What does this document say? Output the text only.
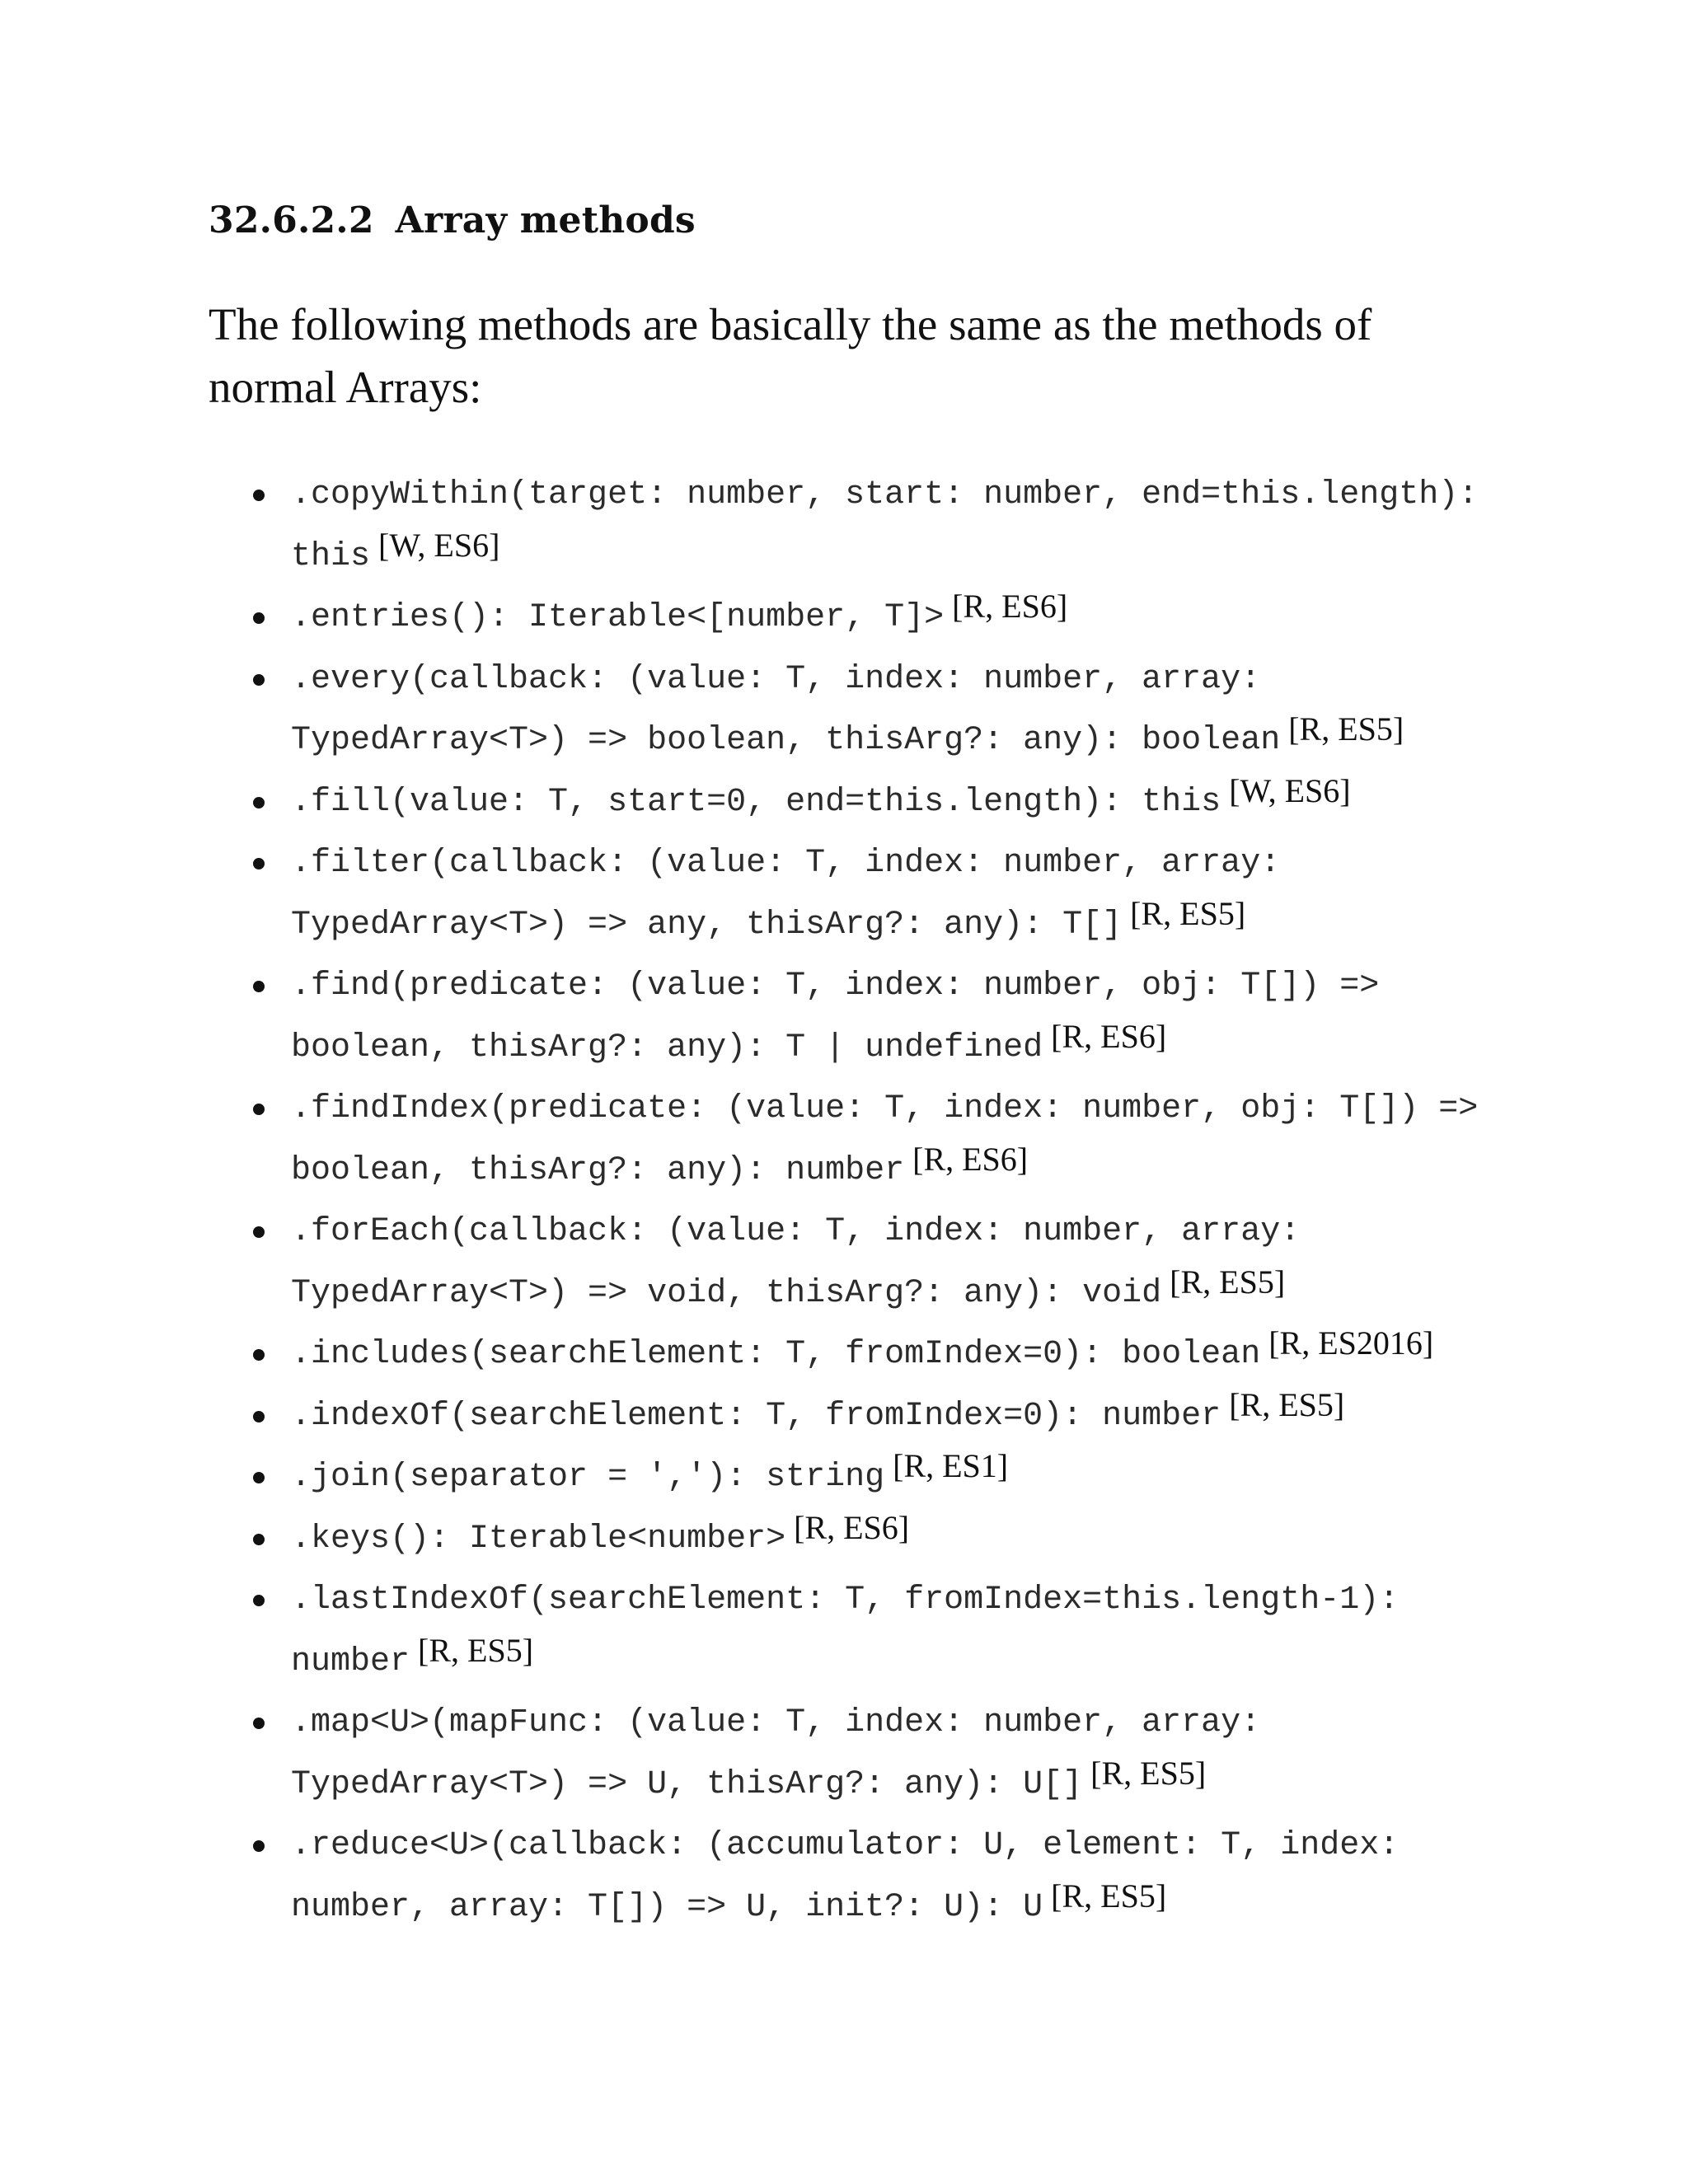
32.6.2.2 Array methods

The following methods are basically the same as the methods of normal Arrays:

.copyWithin(target: number, start: number, end=this.length): this [W, ES6]
.entries(): Iterable<[number, T]> [R, ES6]
.every(callback: (value: T, index: number, array: TypedArray<T>) => boolean, thisArg?: any): boolean [R, ES5]
.fill(value: T, start=0, end=this.length): this [W, ES6]
.filter(callback: (value: T, index: number, array: TypedArray<T>) => any, thisArg?: any): T[] [R, ES5]
.find(predicate: (value: T, index: number, obj: T[]) => boolean, thisArg?: any): T | undefined [R, ES6]
.findIndex(predicate: (value: T, index: number, obj: T[]) => boolean, thisArg?: any): number [R, ES6]
.forEach(callback: (value: T, index: number, array: TypedArray<T>) => void, thisArg?: any): void [R, ES5]
.includes(searchElement: T, fromIndex=0): boolean [R, ES2016]
.indexOf(searchElement: T, fromIndex=0): number [R, ES5]
.join(separator = ','): string [R, ES1]
.keys(): Iterable<number> [R, ES6]
.lastIndexOf(searchElement: T, fromIndex=this.length-1): number [R, ES5]
.map<U>(mapFunc: (value: T, index: number, array: TypedArray<T>) => U, thisArg?: any): U[] [R, ES5]
.reduce<U>(callback: (accumulator: U, element: T, index: number, array: T[]) => U, init?: U): U [R, ES5]
